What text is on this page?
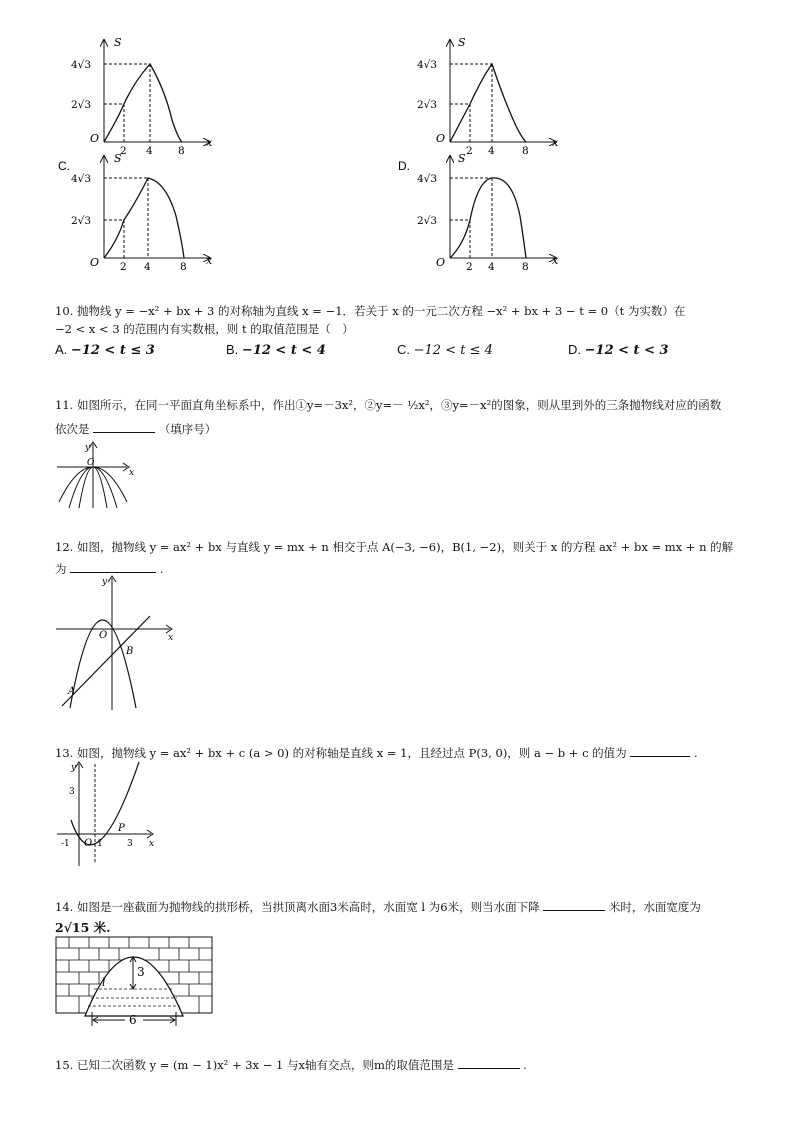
O
S
x
4√3
2√3
2 4 8
O
S
x
4√3
2√3
2 4	8
C.
O
S
x
4√3
2√3
2 4	8
D.
O
S
x
4√3
2√3
2 4	8
10. 抛物线 y = −x² + bx + 3 的对称轴为直线 x = −1．若关于 x 的一元二次方程 −x² + bx + 3 − t = 0（t 为实数）在
−2 < x < 3 的范围内有实数根，则 t 的取值范围是（　）
A. −12 < t ≤ 3	B. −12 < t < 4	C. −12 < t ≤ 4	D. −12 < t < 3
11. 如图所示，在同一平面直角坐标系中，作出①y=－3x²，②y=－ ½x²，③y=－x²的图象，则从里到外的三条抛物线对应的函数
依次是	（填序号）
y
x
O
12. 如图，抛物线 y = ax² + bx 与直线 y = mx + n 相交于点 A(−3, −6)，B(1, −2)，则关于 x 的方程 ax² + bx = mx + n 的解
为	.
y
x
O
A
B
13. 如图，抛物线 y = ax² + bx + c (a > 0) 的对称轴是直线 x = 1，且经过点 P(3, 0)，则 a − b + c 的值为	.
y
x
3
-1 O 1	3
P
14. 如图是一座截面为抛物线的拱形桥，当拱顶离水面3米高时，水面宽 l 为6米，则当水面下降	米时，水面宽度为
2√15 米.
3
l
6
15. 已知二次函数 y = (m − 1)x² + 3x − 1 与x轴有交点，则m的取值范围是	.
